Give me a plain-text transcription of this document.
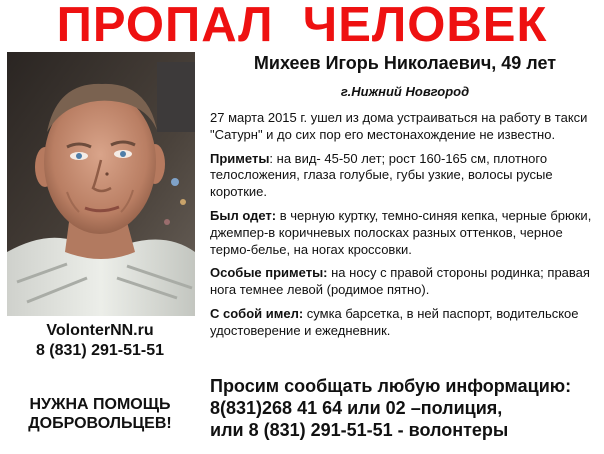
ПРОПАЛ  ЧЕЛОВЕК
VolonterNN.ru
8 (831) 291-51-51
НУЖНА ПОМОЩЬ
ДОБРОВОЛЬЦЕВ!
Михеев Игорь Николаевич, 49 лет
г.Нижний Новгород

27 марта 2015 г. ушел из дома устраиваться на работу в такси "Сатурн" и до сих пор его местонахождение не известно.

Приметы: на вид- 45-50 лет; рост 160-165 см, плотного телосложения, глаза голубые, губы узкие, волосы русые короткие.

Был одет: в черную куртку, темно-синяя кепка, черные брюки, джемпер-в коричневых полосках разных оттенков, черное термо-белье, на ногах кроссовки.

Особые приметы: на носу с правой стороны родинка; правая нога темнее левой (родимое пятно).

С собой имел: сумка барсетка, в ней паспорт, водительское удостоверение и ежедневник.

Просим сообщать любую информацию:
8(831)268 41 64 или 02 –полиция,
или 8 (831) 291-51-51 - волонтеры
